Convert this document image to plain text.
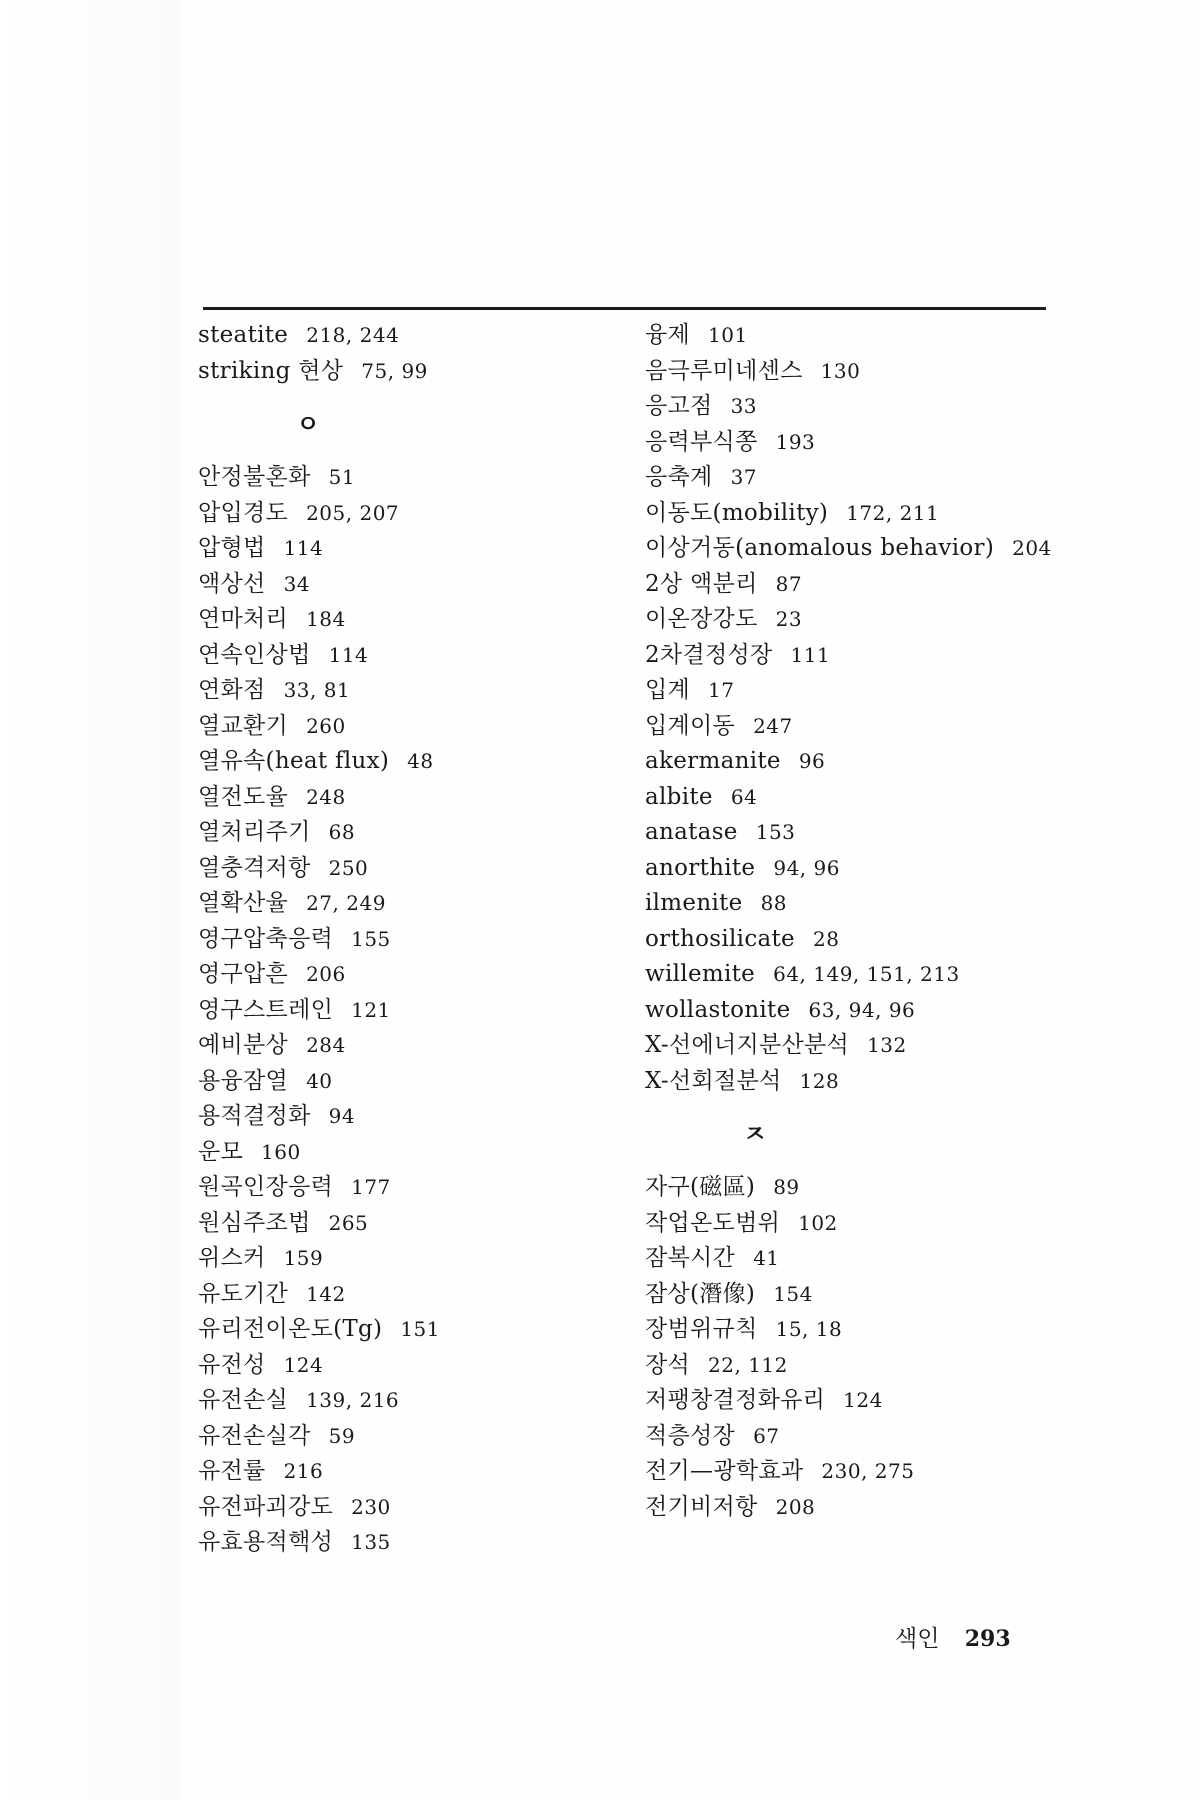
steatite 218, 244
striking 현상 75, 99
ㅇ
안정불혼화 51
압입경도 205, 207
압형법 114
액상선 34
연마처리 184
연속인상법 114
연화점 33, 81
열교환기 260
열유속(heat flux) 48
열전도율 248
열처리주기 68
열충격저항 250
열확산율 27, 249
영구압축응력 155
영구압흔 206
영구스트레인 121
예비분상 284
용융잠열 40
용적결정화 94
운모 160
원곡인장응력 177
원심주조법 265
위스커 159
유도기간 142
유리전이온도(Tg) 151
유전성 124
유전손실 139, 216
유전손실각 59
유전률 216
유전파괴강도 230
유효용적핵성 135
융제 101
음극루미네센스 130
응고점 33
응력부식쫑 193
응축계 37
이동도(mobility) 172, 211
이상거동(anomalous behavior) 204
2상 액분리 87
이온장강도 23
2차결정성장 111
입계 17
입계이동 247
akermanite 96
albite 64
anatase 153
anorthite 94, 96
ilmenite 88
orthosilicate 28
willemite 64, 149, 151, 213
wollastonite 63, 94, 96
X-선에너지분산분석 132
X-선회절분석 128
ㅈ
자구(磁區) 89
작업온도범위 102
잠복시간 41
잠상(潛像) 154
장범위규칙 15, 18
장석 22, 112
저팽창결정화유리 124
적층성장 67
전기—광학효과 230, 275
전기비저항 208
색인 293
